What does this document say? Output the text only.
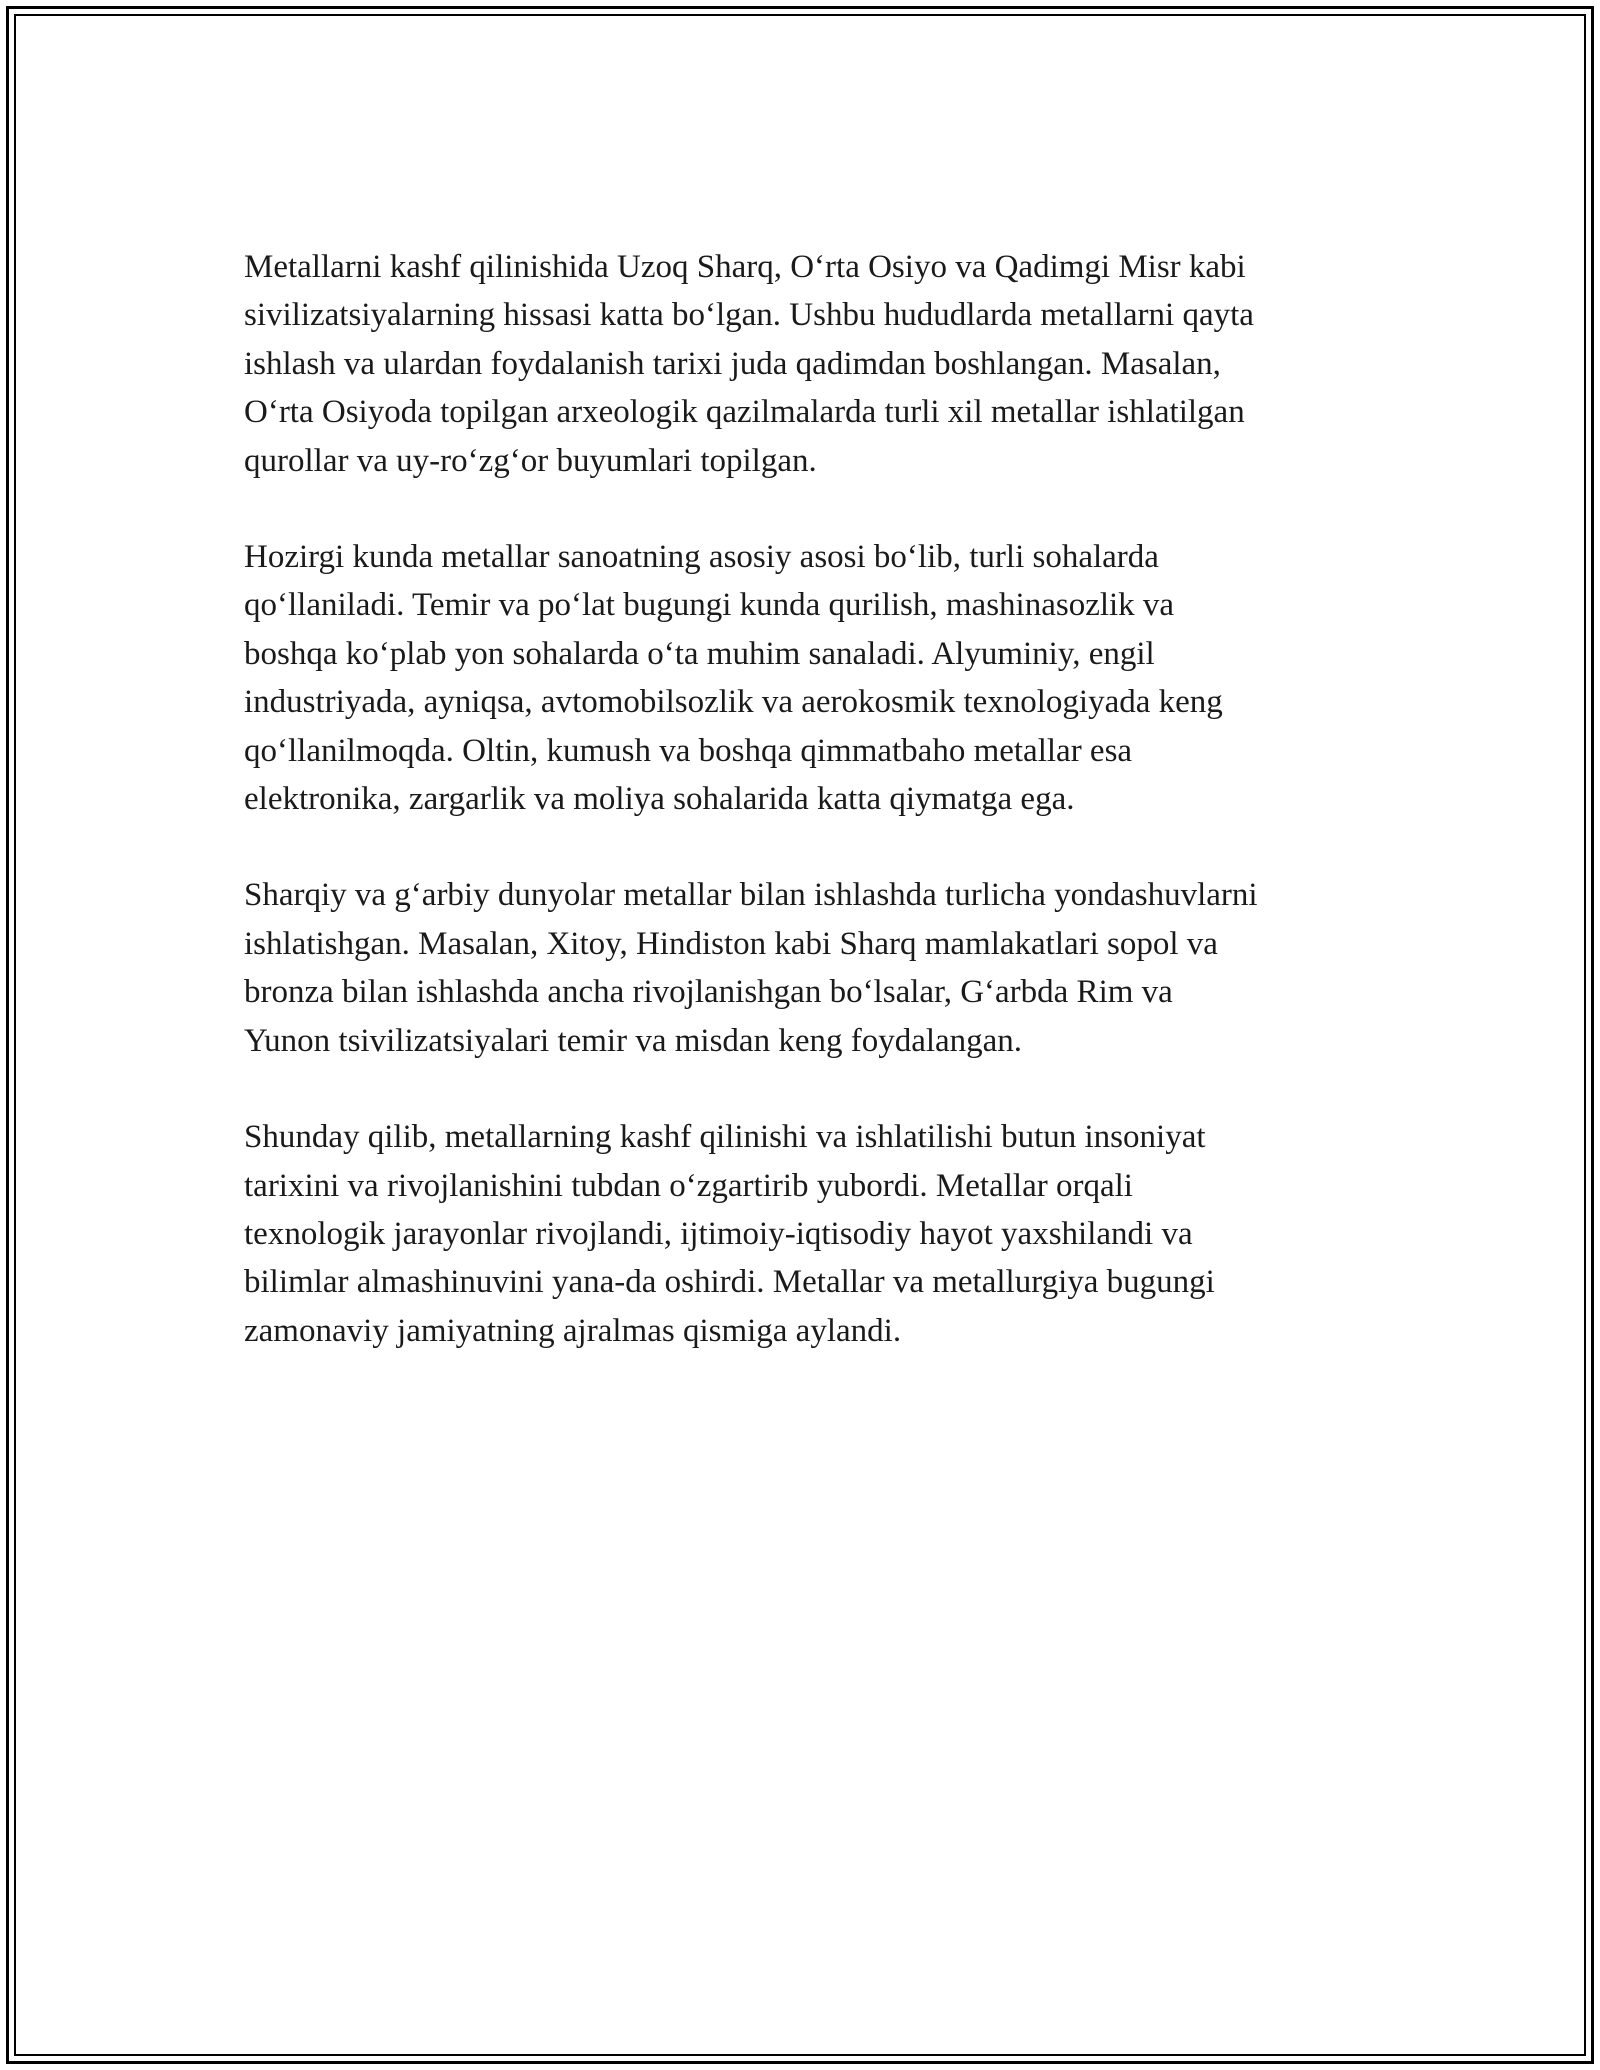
Metallarni kashf qilinishida Uzoq Sharq, O‘rta Osiyo va Qadimgi Misr kabi
sivilizatsiyalarning hissasi katta bo‘lgan. Ushbu hududlarda metallarni qayta
ishlash va ulardan foydalanish tarixi juda qadimdan boshlangan. Masalan,
O‘rta Osiyoda topilgan arxeologik qazilmalarda turli xil metallar ishlatilgan
qurollar va uy-ro‘zg‘or buyumlari topilgan.

Hozirgi kunda metallar sanoatning asosiy asosi bo‘lib, turli sohalarda
qo‘llaniladi. Temir va po‘lat bugungi kunda qurilish, mashinasozlik va
boshqa ko‘plab yon sohalarda o‘ta muhim sanaladi. Alyuminiy, engil
industriyada, ayniqsa, avtomobilsozlik va aerokosmik texnologiyada keng
qo‘llanilmoqda. Oltin, kumush va boshqa qimmatbaho metallar esa
elektronika, zargarlik va moliya sohalarida katta qiymatga ega.

Sharqiy va g‘arbiy dunyolar metallar bilan ishlashda turlicha yondashuvlarni
ishlatishgan. Masalan, Xitoy, Hindiston kabi Sharq mamlakatlari sopol va
bronza bilan ishlashda ancha rivojlanishgan bo‘lsalar, G‘arbda Rim va
Yunon tsivilizatsiyalari temir va misdan keng foydalangan.

Shunday qilib, metallarning kashf qilinishi va ishlatilishi butun insoniyat
tarixini va rivojlanishini tubdan o‘zgartirib yubordi. Metallar orqali
texnologik jarayonlar rivojlandi, ijtimoiy-iqtisodiy hayot yaxshilandi va
bilimlar almashinuvini yana-da oshirdi. Metallar va metallurgiya bugungi
zamonaviy jamiyatning ajralmas qismiga aylandi.
